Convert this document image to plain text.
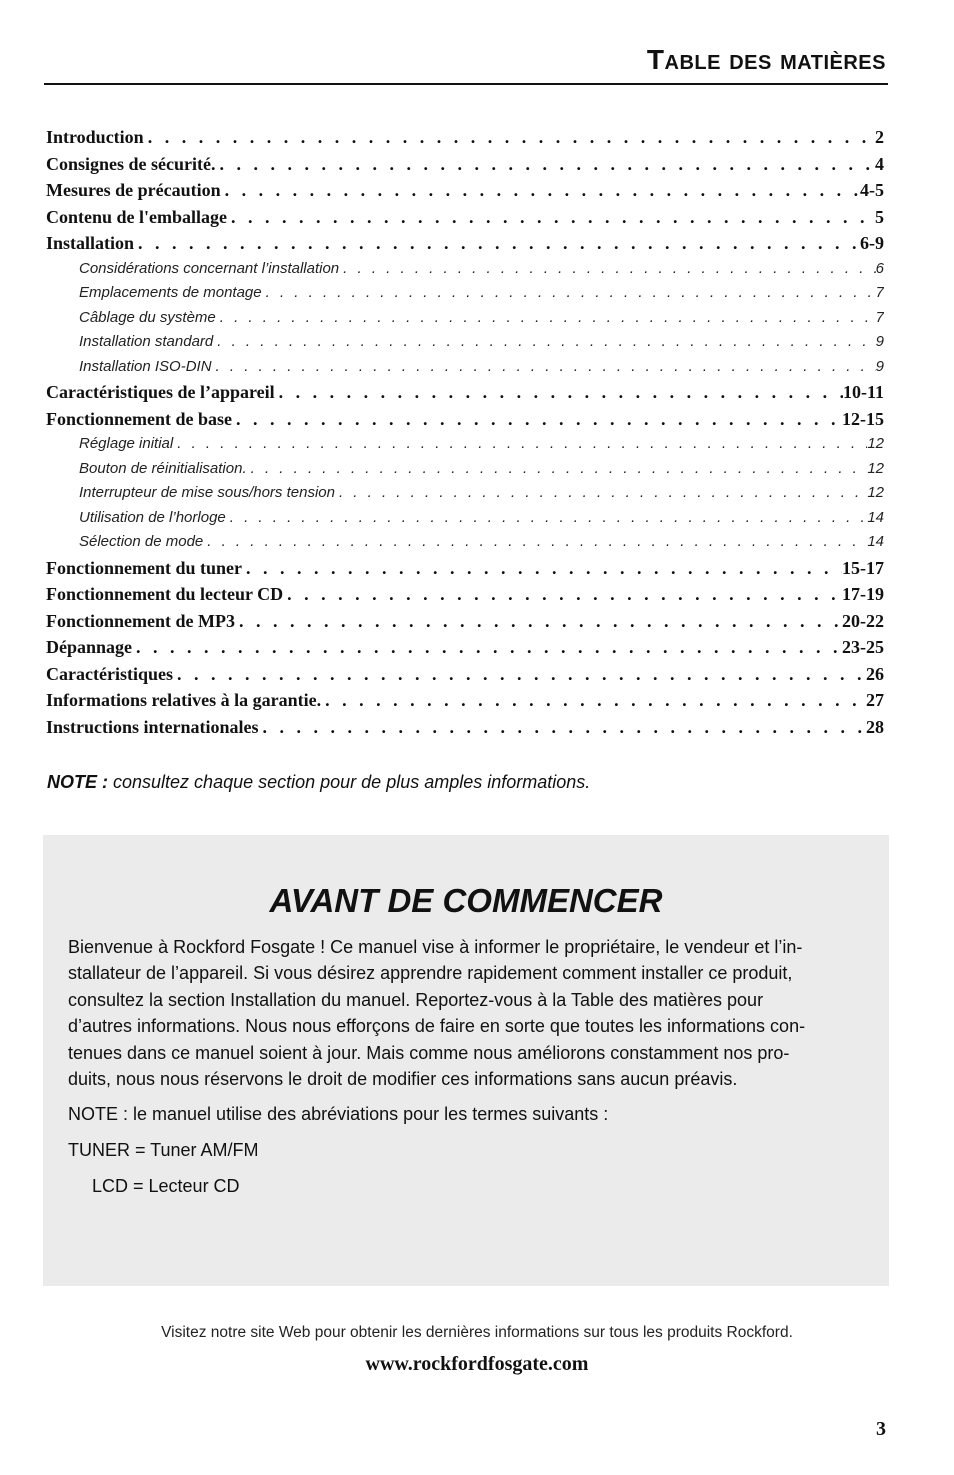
Table des matières
Introduction . . .	2
Consignes de sécurité. . . .	4
Mesures de précaution . . .	4-5
Contenu de l'emballage . . .	5
Installation . . .	6-9
Considérations concernant l’installation . . .	6
Emplacements de montage . . .	7
Câblage du système . . .	7
Installation standard . . .	9
Installation ISO-DIN . . .	9
Caractéristiques de l’appareil . . .	10-11
Fonctionnement de base . . .	12-15
Réglage initial . . .	12
Bouton de réinitialisation. . . .	12
Interrupteur de mise sous/hors tension . . .	12
Utilisation de l’horloge . . .	14
Sélection de mode . . .	14
Fonctionnement du tuner . . .	15-17
Fonctionnement du lecteur CD . . .	17-19
Fonctionnement de MP3 . . .	20-22
Dépannage . . .	23-25
Caractéristiques . . .	26
Informations relatives à la garantie. . . .	27
Instructions internationales . . .	28
NOTE : consultez chaque section pour de plus amples informations.
AVANT DE COMMENCER

Bienvenue à Rockford Fosgate ! Ce manuel vise à informer le propriétaire, le vendeur et l’in-

stallateur de l’appareil. Si vous désirez apprendre rapidement comment installer ce produit,

consultez la section Installation du manuel. Reportez-vous à la Table des matières pour

d’autres informations. Nous nous efforçons de faire en sorte que toutes les informations con-

tenues dans ce manuel soient à jour. Mais comme nous améliorons constamment nos pro-

duits, nous nous réservons le droit de modifier ces informations sans aucun préavis.

NOTE : le manuel utilise des abréviations pour les termes suivants :
TUNER = Tuner AM/FM
LCD = Lecteur CD
Visitez notre site Web pour obtenir les dernières informations sur tous les produits Rockford.
www.rockfordfosgate.com
3
